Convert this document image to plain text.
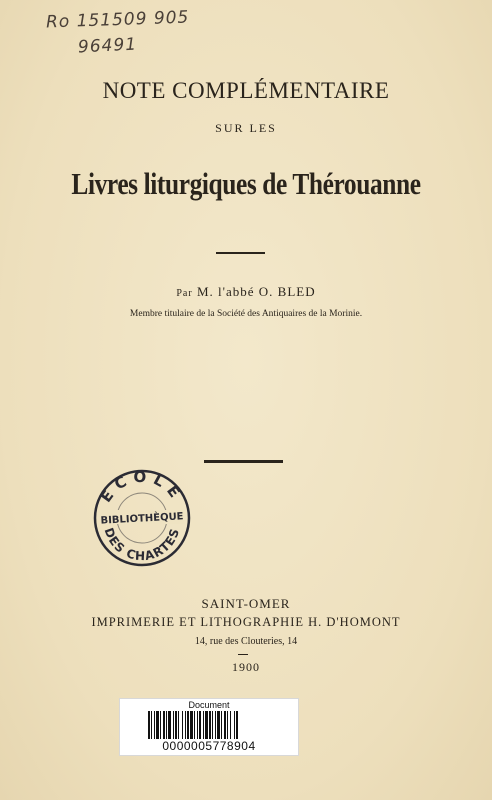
Ro 151509 905
96491
NOTE COMPLÉMENTAIRE
SUR LES
Livres liturgiques de Thérouanne
Par M. l'abbé O. BLED
Membre titulaire de la Société des Antiquaires de la Morinie.
ECOLE
BIBLIOTHÈQUE
DES CHARTES
SAINT-OMER
IMPRIMERIE ET LITHOGRAPHIE H. D'HOMONT
14, rue des Clouteries, 14
1900
Document
0000005778904
